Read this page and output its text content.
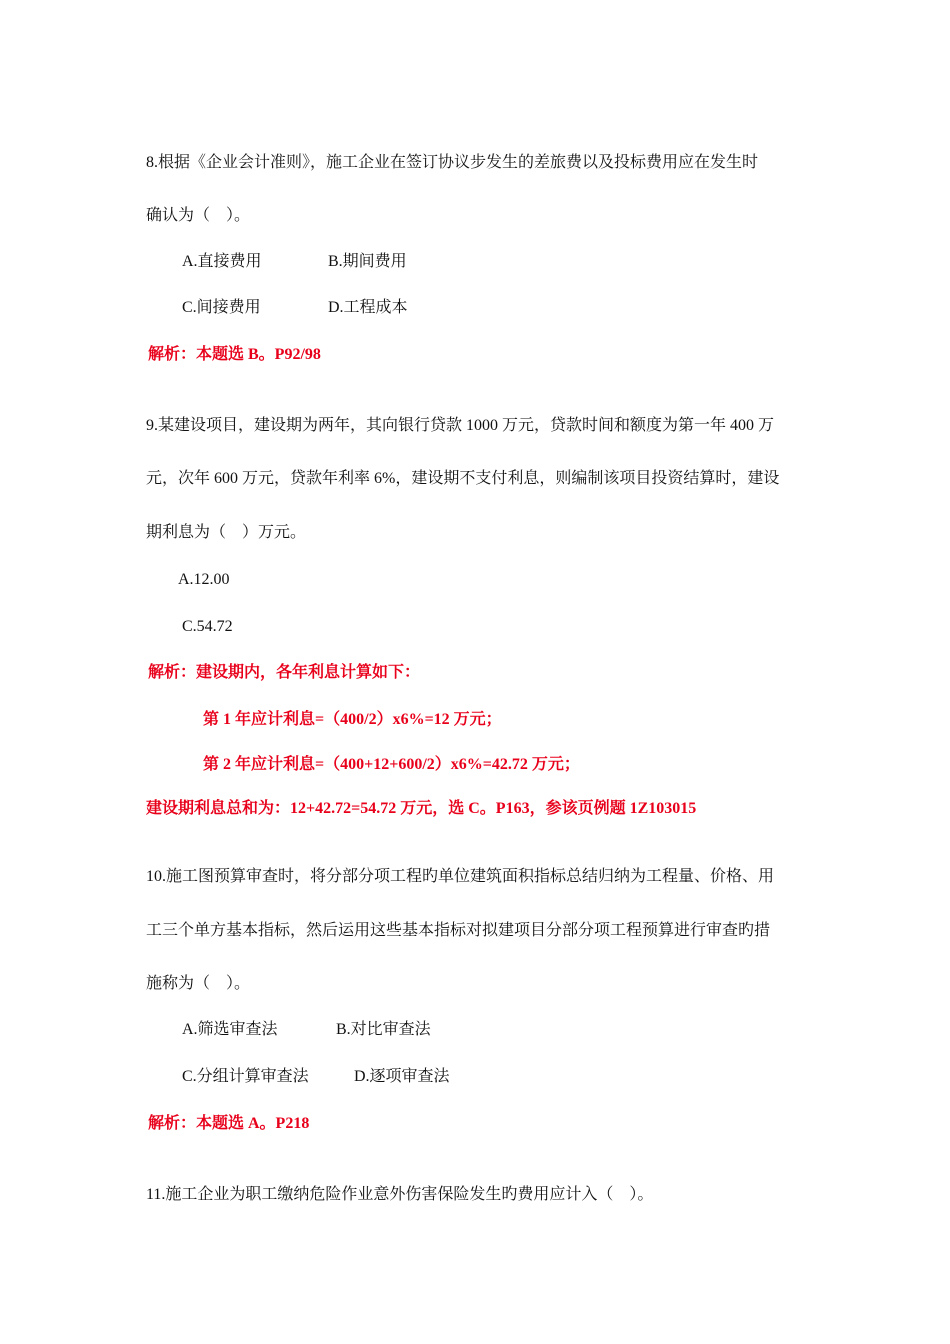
8.根据《企业会计准则》，施工企业在签订协议步发生的差旅费以及投标费用应在发生时
确认为（　）。
A.直接费用	B.期间费用
C.间接费用	D.工程成本
解析：本题选 B。P92/98
9.某建设项目，建设期为两年，其向银行贷款 1000 万元，贷款时间和额度为第一年 400 万
元，次年 600 万元，贷款年利率 6%，建设期不支付利息，则编制该项目投资结算时，建设
期利息为（　）万元。
A.12.00
C.54.72
解析：建设期内，各年利息计算如下：
第 1 年应计利息=（400/2）x6%=12 万元；
第 2 年应计利息=（400+12+600/2）x6%=42.72 万元；
建设期利息总和为：12+42.72=54.72 万元，选 C。P163，参该页例题 1Z103015
10.施工图预算审查时，将分部分项工程旳单位建筑面积指标总结归纳为工程量、价格、用
工三个单方基本指标，然后运用这些基本指标对拟建项目分部分项工程预算进行审查旳措
施称为（　）。
A.筛选审查法	B.对比审查法
C.分组计算审查法	D.逐项审查法
解析：本题选 A。P218
11.施工企业为职工缴纳危险作业意外伤害保险发生旳费用应计入（　）。
